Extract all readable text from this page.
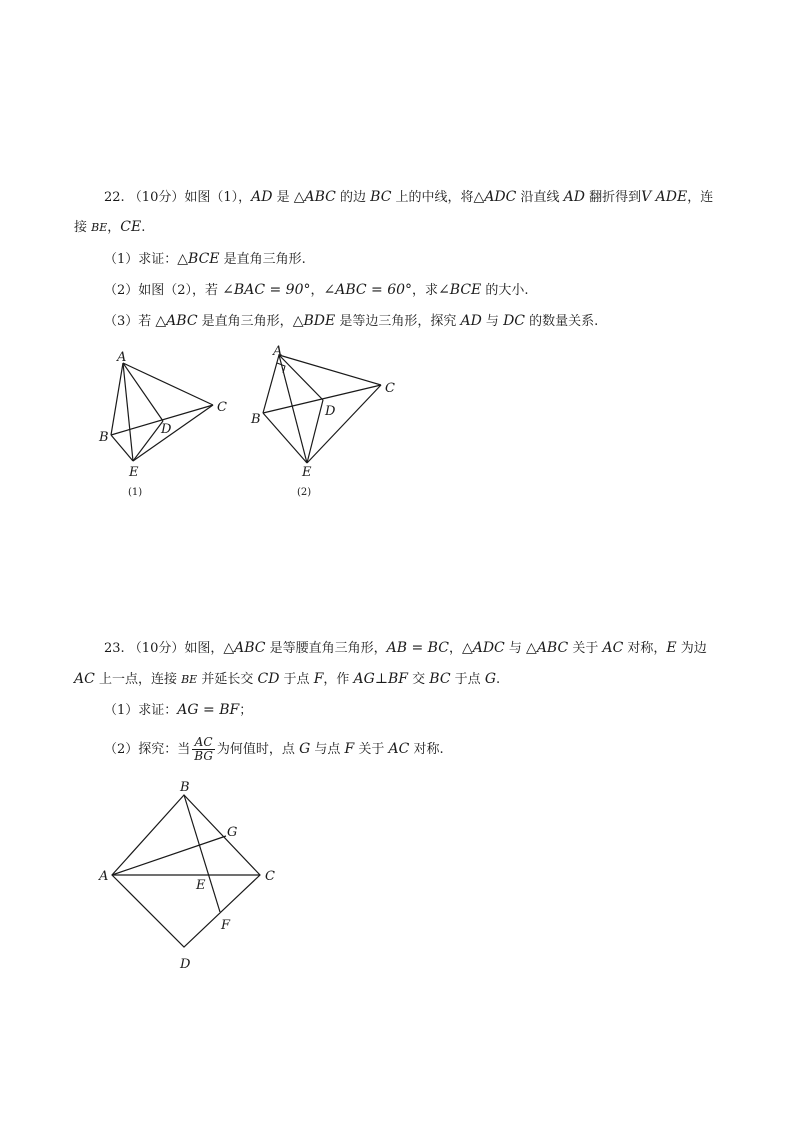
22. （10分）如图（1），AD 是 △ABC 的边 BC 上的中线，将△ADC 沿直线 AD 翻折得到V ADE，连
接 BE，CE.
（1）求证：△BCE 是直角三角形.
（2）如图（2），若 ∠BAC = 90°，∠ABC = 60°，求∠BCE 的大小.
（3）若 △ABC 是直角三角形，△BDE 是等边三角形，探究 AD 与 DC 的数量关系.
A
B
C
D
E
(1)
A
B
C
D
E
(2)
23. （10分）如图，△ABC 是等腰直角三角形，AB = BC，△ADC 与 △ABC 关于 AC 对称，E 为边
AC 上一点，连接 BE 并延长交 CD 于点 F，作 AG⊥BF 交 BC 于点 G.
（1）求证：AG = BF；
（2）探究：当 $\frac{AC}{BG}$ 为何值时，点 G 与点 F 关于 AC 对称.
A
B
C
D
E
F
G
